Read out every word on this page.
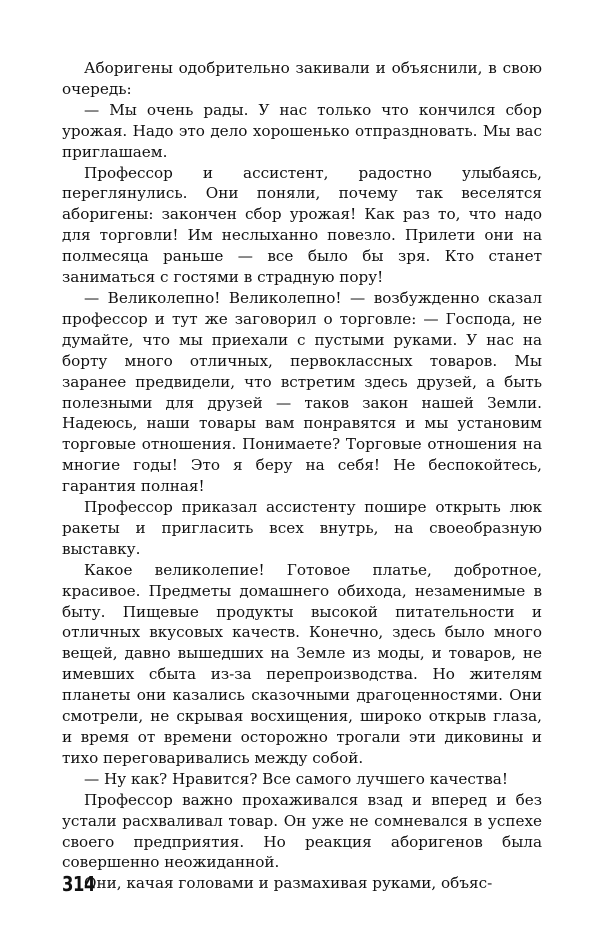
Аборигены одобрительно закивали и объяснили, в свою очередь:

— Мы очень рады. У нас только что кончился сбор урожая. Надо это дело хорошенько отпраздновать. Мы вас приглашаем.

Профессор и ассистент, радостно улыбаясь, переглянулись. Они поняли, почему так веселятся аборигены: закончен сбор урожая! Как раз то, что надо для торговли! Им неслыханно повезло. Прилети они на полмесяца раньше — все было бы зря. Кто станет заниматься с гостями в страдную пору!

— Великолепно! Великолепно! — возбужденно сказал профессор и тут же заговорил о торговле: — Господа, не думайте, что мы приехали с пустыми руками. У нас на борту много отличных, первоклассных товаров. Мы заранее предвидели, что встретим здесь друзей, а быть полезными для друзей — таков закон нашей Земли. Надеюсь, наши товары вам понравятся и мы установим торговые отношения. Понимаете? Торговые отношения на многие годы! Это я беру на себя! Не беспокойтесь, гарантия полная!

Профессор приказал ассистенту пошире открыть люк ракеты и пригласить всех внутрь, на своеобразную выставку.

Какое великолепие! Готовое платье, добротное, красивое. Предметы домашнего обихода, незаменимые в быту. Пищевые продукты высокой питательности и отличных вкусовых качеств. Конечно, здесь было много вещей, давно вышедших на Земле из моды, и товаров, не имевших сбыта из-за перепроизводства. Но жителям планеты они казались сказочными драгоценностями. Они смотрели, не скрывая восхищения, широко открыв глаза, и время от времени осторожно трогали эти диковины и тихо переговаривались между собой.

— Ну как? Нравится? Все самого лучшего качества!

Профессор важно прохаживался взад и вперед и без устали расхваливал товар. Он уже не сомневался в успехе своего предприятия. Но реакция аборигенов была совершенно неожиданной.

Они, качая головами и размахивая руками, объяс-

314
